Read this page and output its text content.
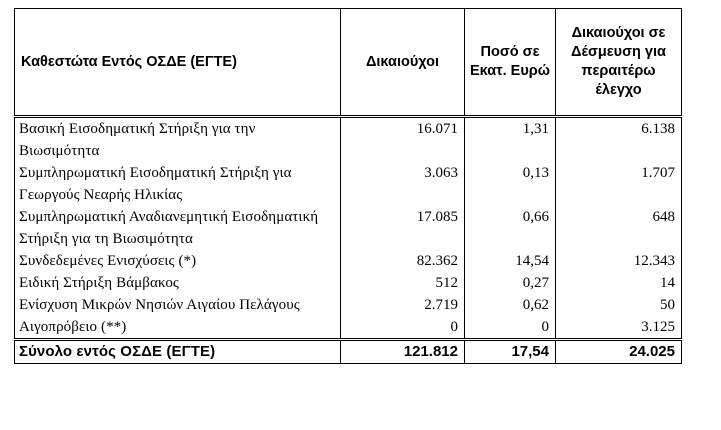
Καθεστώτα Εντός ΟΣΔΕ (ΕΓΤΕ)	Δικαιούχοι	Ποσό σε Εκατ. Ευρώ	Δικαιούχοι σε Δέσμευση για περαιτέρω έλεγχο
Βασική Εισοδηματική Στήριξη για την Βιωσιμότητα	16.071	1,31	6.138
Συμπληρωματική Εισοδηματική Στήριξη για Γεωργούς Νεαρής Ηλικίας	3.063	0,13	1.707
Συμπληρωματική Αναδιανεμητική Εισοδηματική Στήριξη για τη Βιωσιμότητα	17.085	0,66	648
Συνδεδεμένες Ενισχύσεις (*)	82.362	14,54	12.343
Ειδική Στήριξη Βάμβακος	512	0,27	14
Ενίσχυση Μικρών Νησιών Αιγαίου Πελάγους	2.719	0,62	50
Αιγοπρόβειο (**)	0	0	3.125
Σύνολο εντός ΟΣΔΕ (ΕΓΤΕ)	121.812	17,54	24.025
